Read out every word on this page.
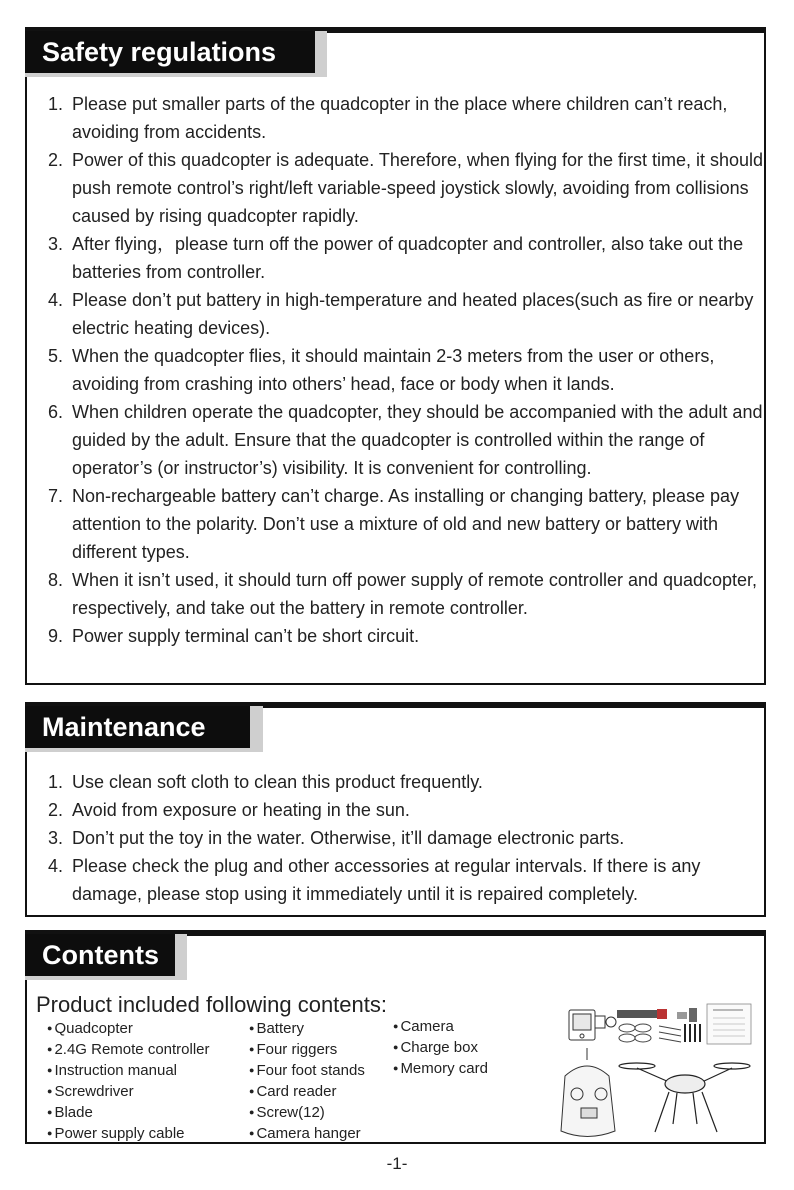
Safety regulations
1. Please put smaller parts of the quadcopter in the place where children can’t reach, avoiding from accidents.
2. Power of this quadcopter is adequate. Therefore, when flying for the first time, it should push remote control’s right/left variable-speed joystick slowly, avoiding from collisions caused by rising quadcopter rapidly.
3. After flying，please turn off the power of quadcopter and controller, also take out the batteries from controller.
4. Please don’t put battery in high-temperature and heated places(such as fire or nearby electric heating devices).
5. When the quadcopter flies, it should maintain 2-3 meters from the user or others, avoiding from crashing into others’ head, face or body when it lands.
6. When children operate the quadcopter, they should be accompanied with the adult and guided by the adult. Ensure that the quadcopter is controlled within the range of operator’s (or instructor’s) visibility. It is convenient for controlling.
7. Non-rechargeable battery can’t charge. As installing or changing battery, please pay attention to the polarity. Don’t use a mixture of old and new battery or battery with different types.
8. When it isn’t used, it should turn off power supply of remote controller and quadcopter, respectively, and take out the battery in remote controller.
9. Power supply terminal can’t be short circuit.
Maintenance
1. Use clean soft cloth to clean this product frequently.
2. Avoid from exposure or heating in the sun.
3. Don’t put the toy in the water. Otherwise, it’ll damage electronic parts.
4. Please check the plug and other accessories at regular intervals. If there is any damage, please stop using it immediately until it is repaired completely.
Contents
Product included following contents:
● Quadcopter
● 2.4G Remote controller
● Instruction manual
● Screwdriver
● Blade
● Power supply cable
● Battery
● Four riggers
● Four foot stands
● Card reader
● Screw(12)
● Camera hanger
● Camera
● Charge box
● Memory card
-1-
